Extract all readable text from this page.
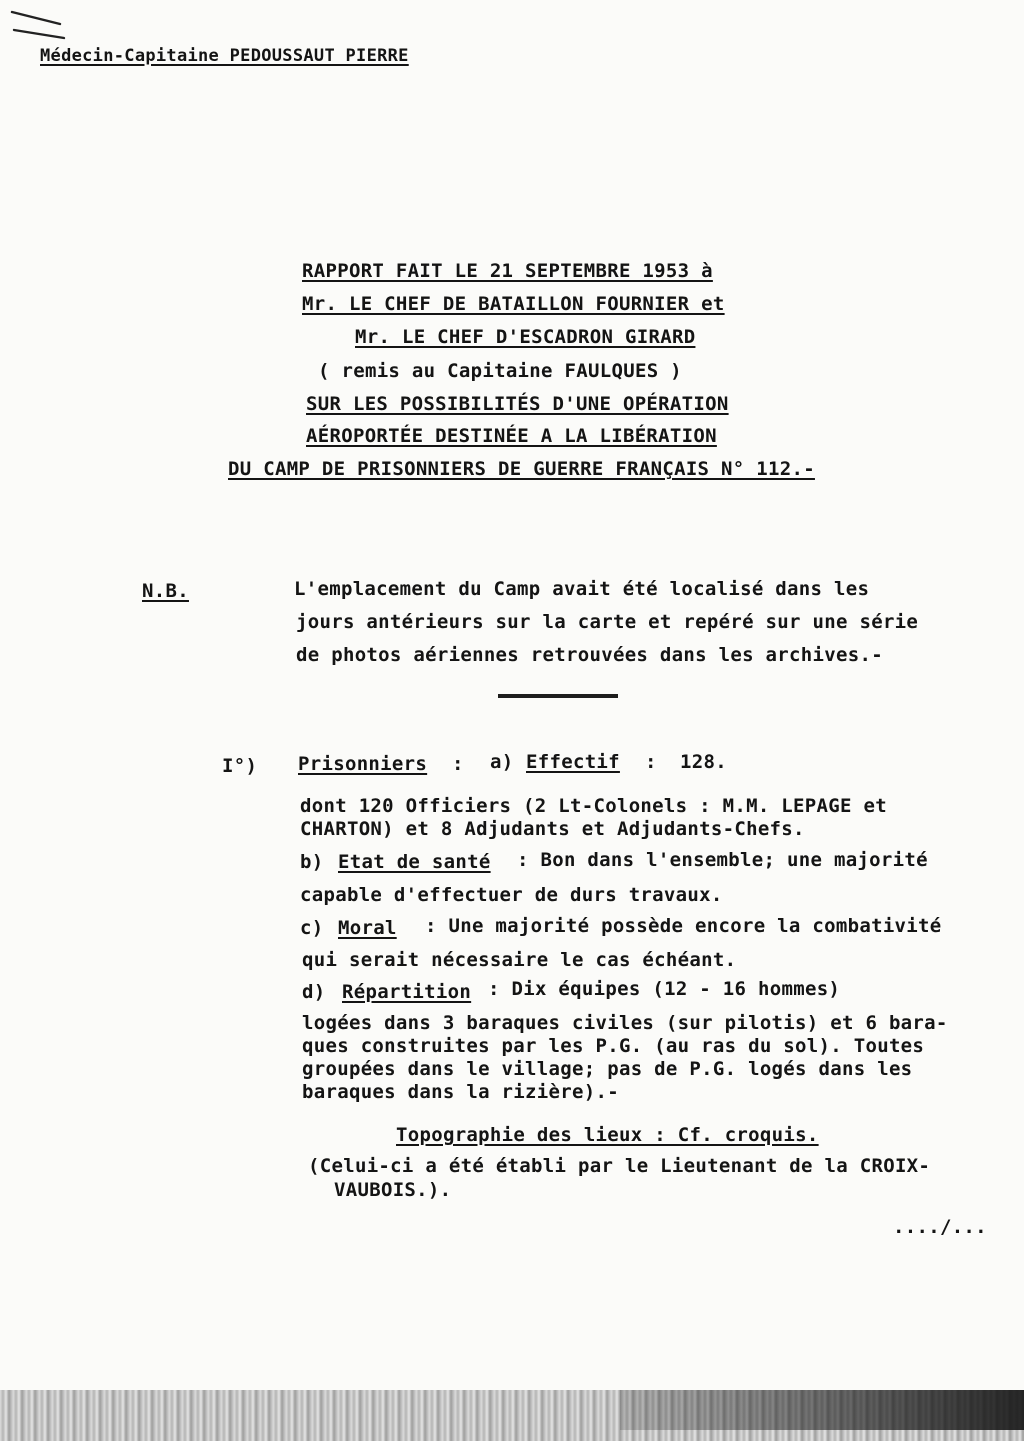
Médecin-Capitaine PEDOUSSAUT PIERRE
RAPPORT FAIT LE 21 SEPTEMBRE 1953 à
Mr. LE CHEF DE BATAILLON FOURNIER et
Mr. LE CHEF D'ESCADRON GIRARD
( remis au Capitaine FAULQUES )
SUR LES POSSIBILITÉS D'UNE OPÉRATION
AÉROPORTÉE DESTINÉE A LA LIBÉRATION
DU CAMP DE PRISONNIERS DE GUERRE FRANÇAIS N° 112.-
N.B.	L'emplacement du Camp avait été localisé dans les
jours antérieurs sur la carte et repéré sur une série
de photos aériennes retrouvées dans les archives.-
I°) Prisonniers : a) Effectif : 128.
dont 120 Officiers (2 Lt-Colonels : M.M. LEPAGE et
CHARTON) et 8 Adjudants et Adjudants-Chefs.
b) Etat de santé : Bon dans l'ensemble; une majorité
capable d'effectuer de durs travaux.
c) Moral : Une majorité possède encore la combativité
qui serait nécessaire le cas échéant.
d) Répartition : Dix équipes (12 - 16 hommes)
logées dans 3 baraques civiles (sur pilotis) et 6 bara-
ques construites par les P.G. (au ras du sol). Toutes
groupées dans le village; pas de P.G. logés dans les
baraques dans la rizière).-
Topographie des lieux : Cf. croquis.
(Celui-ci a été établi par le Lieutenant de la CROIX-
VAUBOIS.).
..../...
